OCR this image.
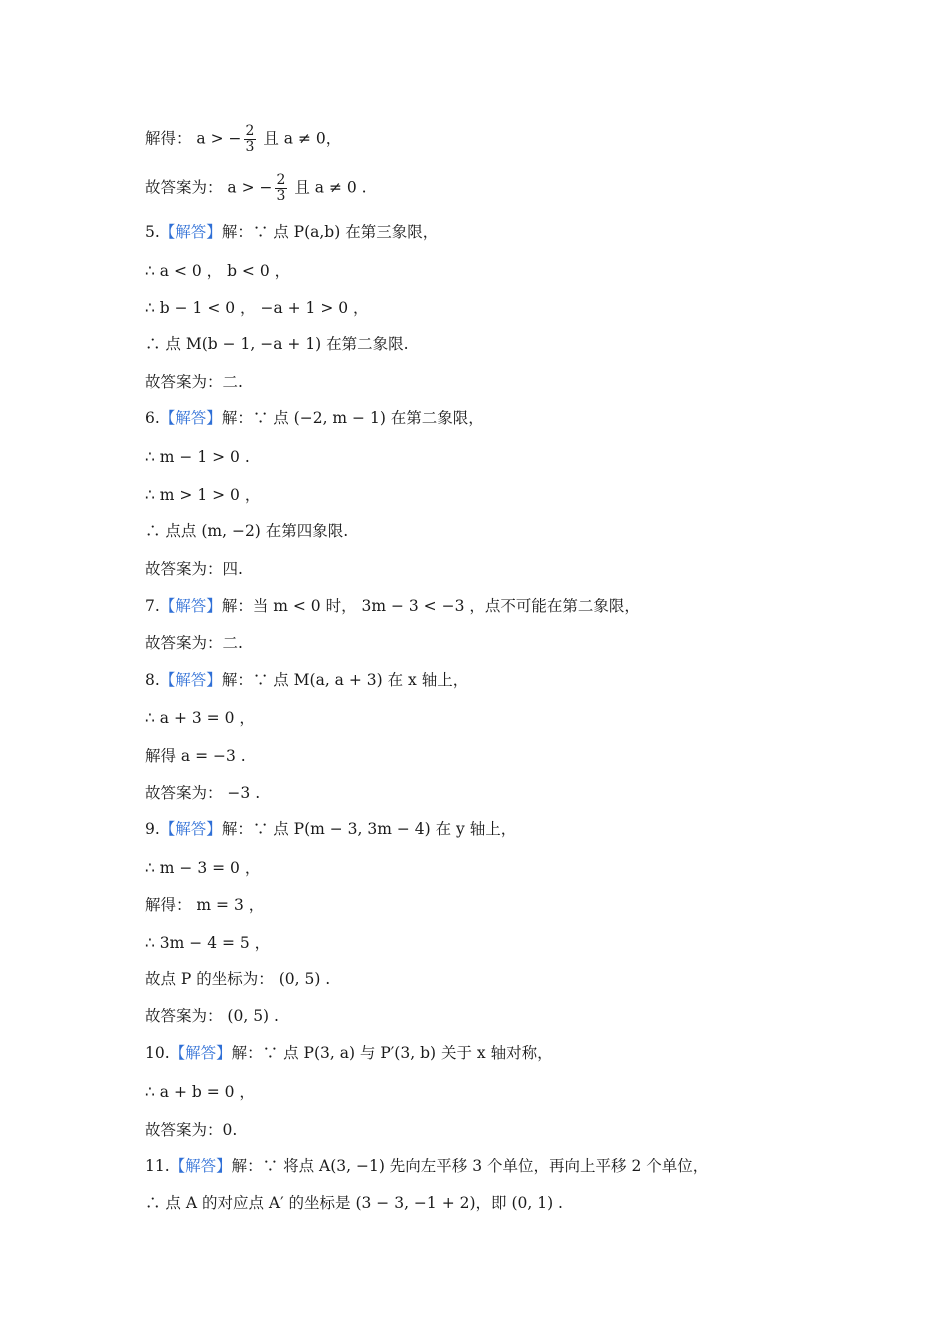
解得： a > − $\frac{2}{3}$ 且 a ≠ 0，
故答案为： a > − $\frac{2}{3}$ 且 a ≠ 0 .
5.【解答】解：∵ 点 P(a,b) 在第三象限，
∴ a < 0 ， b < 0 ，
∴ b − 1 < 0 ， −a + 1 > 0 ，
∴ 点 M(b − 1, −a + 1) 在第二象限.
故答案为：二.
6.【解答】解：∵ 点 (−2, m − 1) 在第二象限，
∴ m − 1 > 0 .
∴ m > 1 > 0 ，
∴ 点点 (m, −2) 在第四象限.
故答案为：四.
7.【解答】解：当 m < 0 时， 3m − 3 < −3 ，点不可能在第二象限，
故答案为：二.
8.【解答】解：∵ 点 M(a, a + 3) 在 x 轴上，
∴ a + 3 = 0 ，
解得 a = −3 .
故答案为： −3 .
9.【解答】解：∵ 点 P(m − 3, 3m − 4) 在 y 轴上，
∴ m − 3 = 0 ，
解得： m = 3 ，
∴ 3m − 4 = 5 ，
故点 P 的坐标为： (0, 5) .
故答案为： (0, 5) .
10.【解答】解：∵ 点 P(3, a) 与 P′(3, b) 关于 x 轴对称，
∴ a + b = 0 ，
故答案为：0.
11.【解答】解：∵ 将点 A(3, −1) 先向左平移 3 个单位，再向上平移 2 个单位，
∴ 点 A 的对应点 A′ 的坐标是 (3 − 3, −1 + 2)，即 (0, 1) .
